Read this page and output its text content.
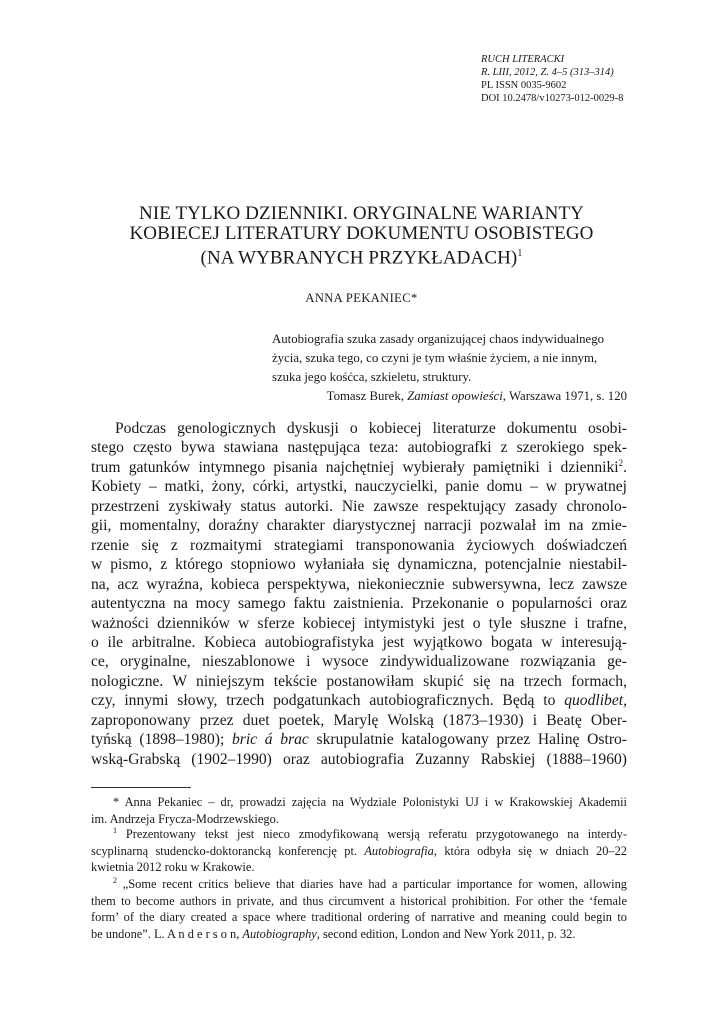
RUCH LITERACKI
R. LIII, 2012, Z. 4–5 (313–314)
PL ISSN 0035-9602
DOI 10.2478/v10273-012-0029-8
NIE TYLKO DZIENNIKI. ORYGINALNE WARIANTY
KOBIECEJ LITERATURY DOKUMENTU OSOBISTEGO
(NA WYBRANYCH PRZYKŁADACH)$^1$
ANNA PEKANIEC*
Autobiografia szuka zasady organizującej chaos indywidualnego
życia, szuka tego, co czyni je tym właśnie życiem, a nie innym,
szuka jego kośćca, szkieletu, struktury.
Tomasz Burek, Zamiast opowieści, Warszawa 1971, s. 120
Podczas genologicznych dyskusji o kobiecej literaturze dokumentu osobi-
stego często bywa stawiana następująca teza: autobiografki z szerokiego spek-
trum gatunków intymnego pisania najchętniej wybierały pamiętniki i dzienniki$^2$.
Kobiety – matki, żony, córki, artystki, nauczycielki, panie domu – w prywatnej
przestrzeni zyskiwały status autorki. Nie zawsze respektujący zasady chronolo-
gii, momentalny, doraźny charakter diarystycznej narracji pozwalał im na zmie-
rzenie się z rozmaitymi strategiami transponowania życiowych doświadczeń
w pismo, z którego stopniowo wyłaniała się dynamiczna, potencjalnie niestabil-
na, acz wyraźna, kobieca perspektywa, niekoniecznie subwersywna, lecz zawsze
autentyczna na mocy samego faktu zaistnienia. Przekonanie o popularności oraz
ważności dzienników w sferze kobiecej intymistyki jest o tyle słuszne i trafne,
o ile arbitralne. Kobieca autobiografistyka jest wyjątkowo bogata w interesują-
ce, oryginalne, nieszablonowe i wysoce zindywidualizowane rozwiązania ge-
nologiczne. W niniejszym tekście postanowiłam skupić się na trzech formach,
czy, innymi słowy, trzech podgatunkach autobiograficznych. Będą to quodlibet,
zaproponowany przez duet poetek, Marylę Wolską (1873–1930) i Beatę Ober-
tyńską (1898–1980); bric á brac skrupulatnie katalogowany przez Halinę Ostro-
wską-Grabską (1902–1990) oraz autobiografia Zuzanny Rabskiej (1888–1960)
* Anna Pekaniec – dr, prowadzi zajęcia na Wydziale Polonistyki UJ i w Krakowskiej Akademii
im. Andrzeja Frycza-Modrzewskiego.
$^1$ Prezentowany tekst jest nieco zmodyfikowaną wersją referatu przygotowanego na interdy-
scyplinarną studencko-doktorancką konferencję pt. Autobiografia, która odbyła się w dniach 20–22
kwietnia 2012 roku w Krakowie.
$^2$ „Some recent critics believe that diaries have had a particular importance for women, allowing
them to become authors in private, and thus circumvent a historical prohibition. For other the ‘female
form’ of the diary created a space where traditional ordering of narrative and meaning could begin to
be undone”. L. A n d e r s o n, Autobiography, second edition, London and New York 2011, p. 32.
